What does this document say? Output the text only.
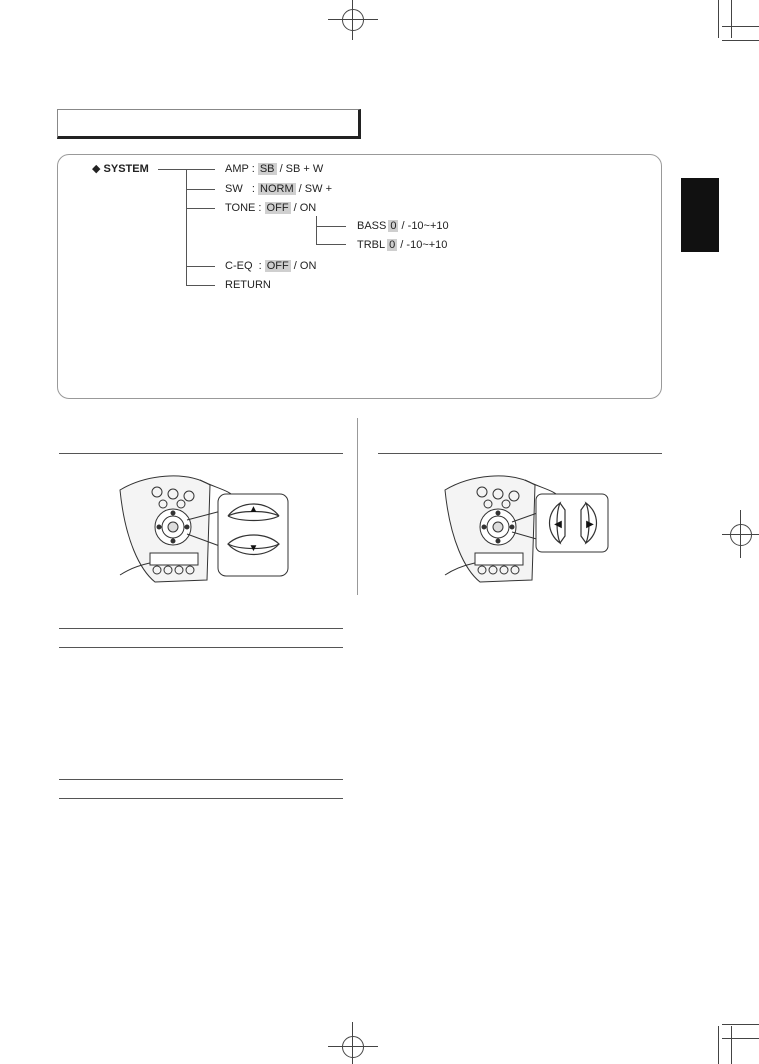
◆ SYSTEM	AMP : SB / SB + W
SW   : NORM / SW +
TONE : OFF / ON
BASS 0 / -10~+10
TRBL 0 / -10~+10
C-EQ  : OFF / ON
RETURN
▲
▼
◀ ▶
